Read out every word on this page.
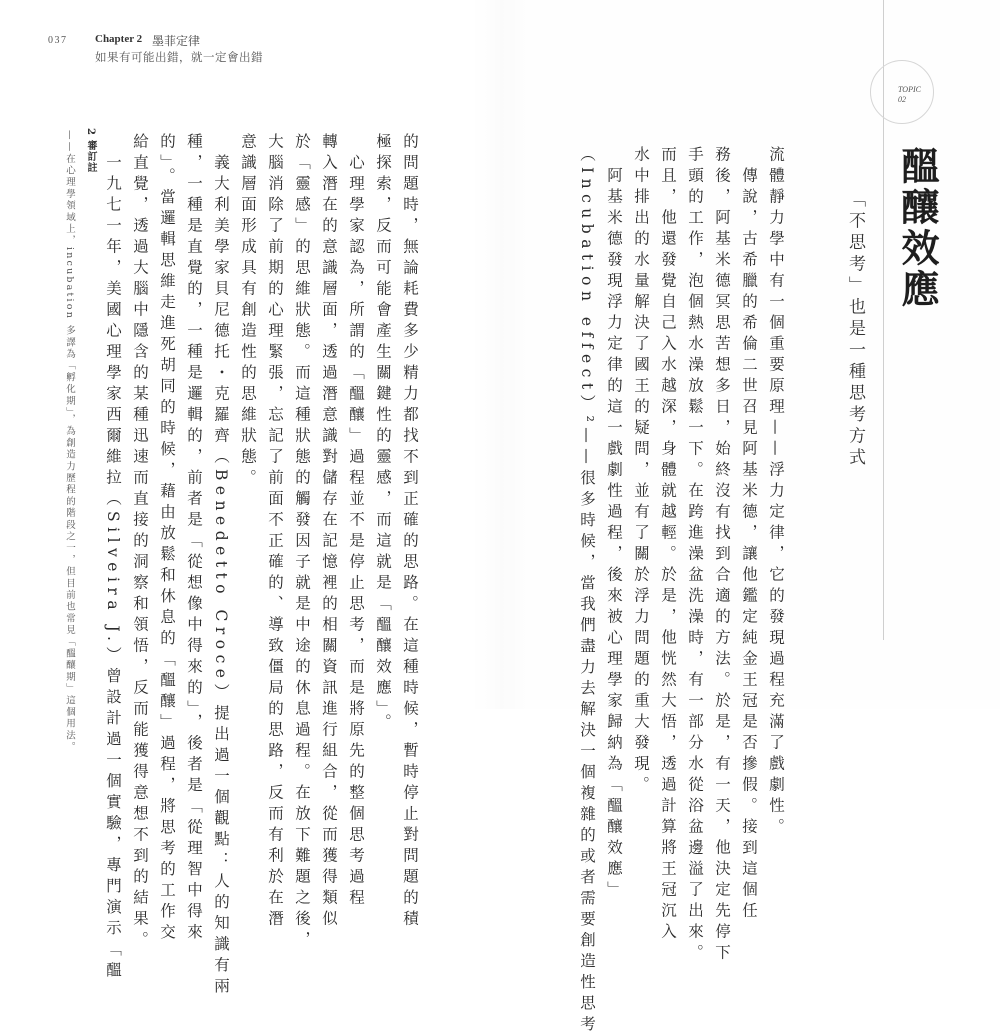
037	Chapter 2 墨菲定律
如果有可能出錯，就一定會出錯
的問題時，無論耗費多少精力都找不到正確的思路。在這種時候，暫時停止對問題的積
極探索，反而可能會產生關鍵性的靈感，而這就是「醞釀效應」。
　心理學家認為，所謂的「醞釀」過程並不是停止思考，而是將原先的整個思考過程
轉入潛在的意識層面，透過潛意識對儲存在記憶裡的相關資訊進行組合，從而獲得類似
於「靈感」的思維狀態。而這種狀態的觸發因子就是中途的休息過程。在放下難題之後，
大腦消除了前期的心理緊張，忘記了前面不正確的、導致僵局的思路，反而有利於在潛
意識層面形成具有創造性的思維狀態。
　義大利美學家貝尼德托・克羅齊（Benedetto Croce）提出過一個觀點：人的知識有兩
種，一種是直覺的，一種是邏輯的，前者是「從想像中得來的」，後者是「從理智中得來
的」。當邏輯思維走進死胡同的時候，藉由放鬆和休息的「醞釀」過程，將思考的工作交
給直覺，透過大腦中隱含的某種迅速而直接的洞察和領悟，反而能獲得意想不到的結果。
　一九七一年，美國心理學家西爾維拉（Silveira J.）曾設計過一個實驗，專門演示「醞
2 審訂註
——在心理學領域上，incubation 多譯為「孵化期」，為創造力歷程的階段之一，但目前也常見「醞釀期」這個用法。
TOPIC
02
醞釀效應
「不思考」也是一種思考方式
流體靜力學中有一個重要原理——浮力定律，它的發現過程充滿了戲劇性。
　傳說，古希臘的希倫二世召見阿基米德，讓他鑑定純金王冠是否摻假。接到這個任
務後，阿基米德冥思苦想多日，始終沒有找到合適的方法。於是，有一天，他決定先停下
手頭的工作，泡個熱水澡放鬆一下。在跨進澡盆洗澡時，有一部分水從浴盆邊溢了出來。
而且，他還發覺自己入水越深，身體就越輕。於是，他恍然大悟，透過計算將王冠沉入
水中排出的水量解決了國王的疑問，並有了關於浮力問題的重大發現。
　阿基米德發現浮力定律的這一戲劇性過程，後來被心理學家歸納為「醞釀效應」
（Incubation effect）²——很多時候，當我們盡力去解決一個複雜的或者需要創造性思考
